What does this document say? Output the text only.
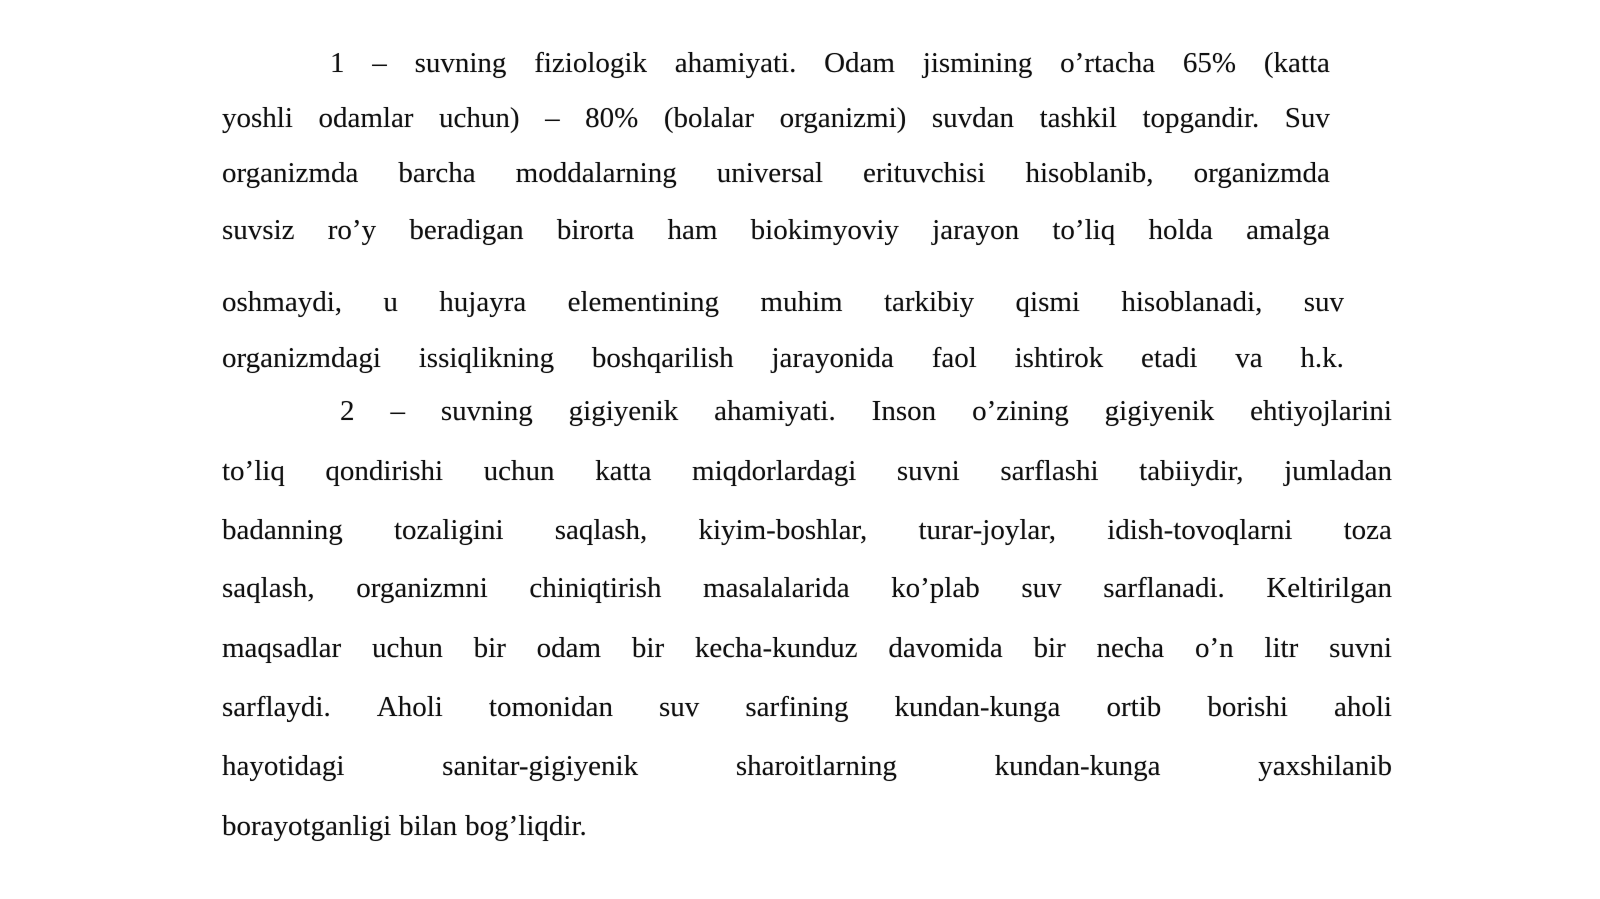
1 – suvning fiziologik ahamiyati. Odam jismining o’rtacha 65% (katta
yoshli odamlar uchun) – 80% (bolalar organizmi) suvdan tashkil topgandir. Suv
organizmda barcha moddalarning universal erituvchisi hisoblanib, organizmda
suvsiz ro’y beradigan birorta ham biokimyoviy jarayon to’liq holda amalga
oshmaydi, u hujayra elementining muhim tarkibiy qismi hisoblanadi, suv
organizmdagi issiqlikning boshqarilish jarayonida faol ishtirok etadi va h.k.
2 – suvning gigiyenik ahamiyati. Inson o’zining gigiyenik ehtiyojlarini
to’liq qondirishi uchun katta miqdorlardagi suvni sarflashi tabiiydir, jumladan
badanning tozaligini saqlash, kiyim-boshlar, turar-joylar, idish-tovoqlarni toza
saqlash, organizmni chiniqtirish masalalarida ko’plab suv sarflanadi. Keltirilgan
maqsadlar uchun bir odam bir kecha-kunduz davomida bir necha o’n litr suvni
sarflaydi. Aholi tomonidan suv sarfining kundan-kunga ortib borishi aholi
hayotidagi	sanitar-gigiyenik	sharoitlarning	kundan-kunga	yaxshilanib
borayotganligi bilan bog’liqdir.
